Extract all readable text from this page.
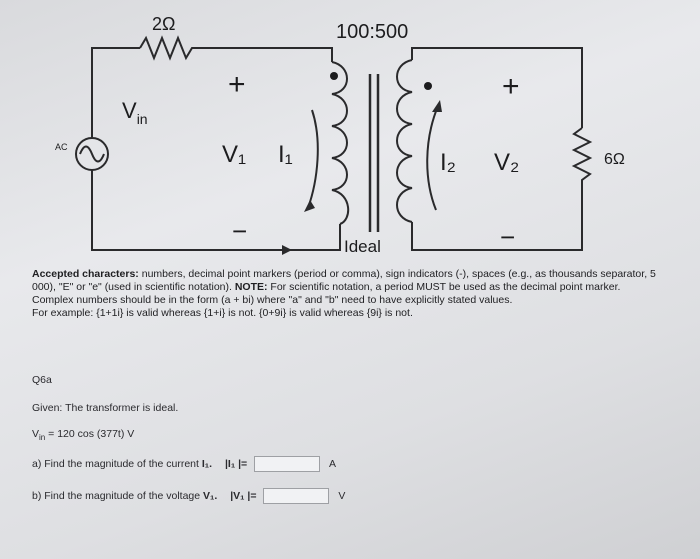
2Ω	100:500
AC
$V_{in}$
+
−
V₁ I₁	I₂ V₂
+
−
6Ω
Ideal

Accepted characters: numbers, decimal point markers (period or comma), sign indicators (-), spaces (e.g., as thousands separator, 5 000), "E" or "e" (used in scientific notation). NOTE: For scientific notation, a period MUST be used as the decimal point marker.

Complex numbers should be in the form (a + bi) where "a" and "b" need to have explicitly stated values.

For example: {1+1i} is valid whereas {1+i} is not. {0+9i} is valid whereas {9i} is not.

Q6a
Given: The transformer is ideal.
$V_{in} = 120$ cos (377t) V
a) Find the magnitude of the current I₁. |I₁ |=	A
b) Find the magnitude of the voltage V₁. |V₁ |=	V
